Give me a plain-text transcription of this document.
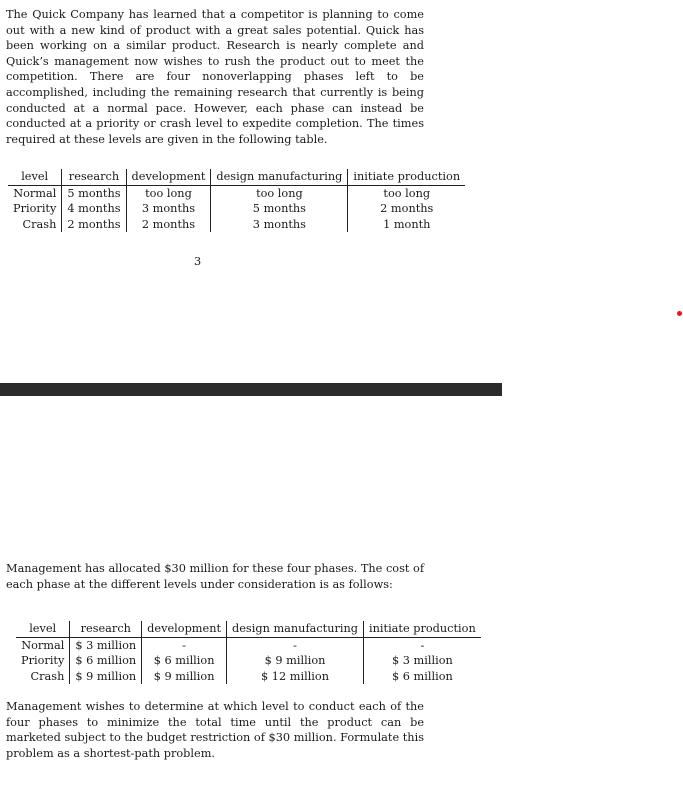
The Quick Company has learned that a competitor is planning to come out with a new kind of product with a great sales potential. Quick has been working on a similar product. Research is nearly complete and Quick’s management now wishes to rush the product out to meet the competition. There are four nonoverlapping phases left to be accomplished, including the remaining research that currently is being conducted at a normal pace. However, each phase can instead be conducted at a priority or crash level to expedite completion. The times required at these levels are given in the following table.

level	research	development	design manufacturing	initiate production
Normal	5 months	too long	too long	too long
Priority	4 months	3 months	5 months	2 months
Crash	2 months	2 months	3 months	1 month
3

Management has allocated $30 million for these four phases. The cost of each phase at the different levels under consideration is as follows:

level	research	development	design manufacturing	initiate production
Normal	$ 3 million	-	-	-
Priority	$ 6 million	$ 6 million	$ 9 million	$ 3 million
Crash	$ 9 million	$ 9 million	$ 12 million	$ 6 million

Management wishes to determine at which level to conduct each of the four phases to minimize the total time until the product can be marketed subject to the budget restriction of $30 million. Formulate this problem as a shortest-path problem.
